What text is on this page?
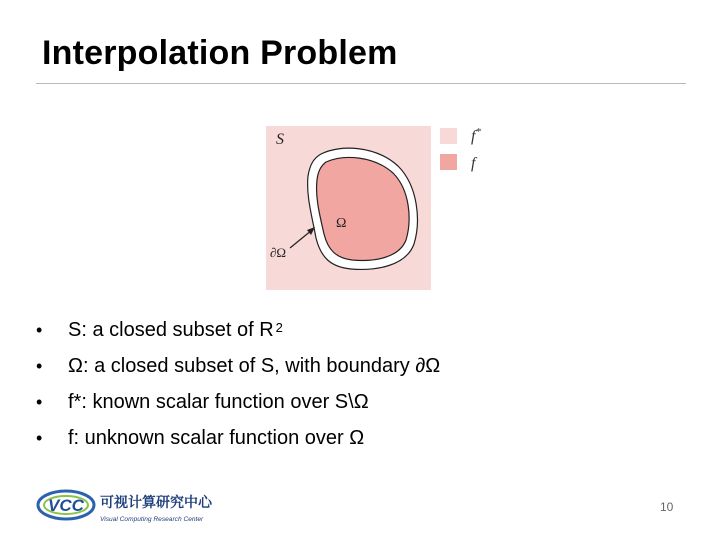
Interpolation Problem
S
Ω
∂Ω
f*
f
• S: a closed subset of R $^2$
• Ω: a closed subset of S, with boundary ∂Ω
• f*: known scalar function over S\Ω
• f: unknown scalar function over Ω
VCC 可视计算研究中心
Visual Computing Research Center
10
